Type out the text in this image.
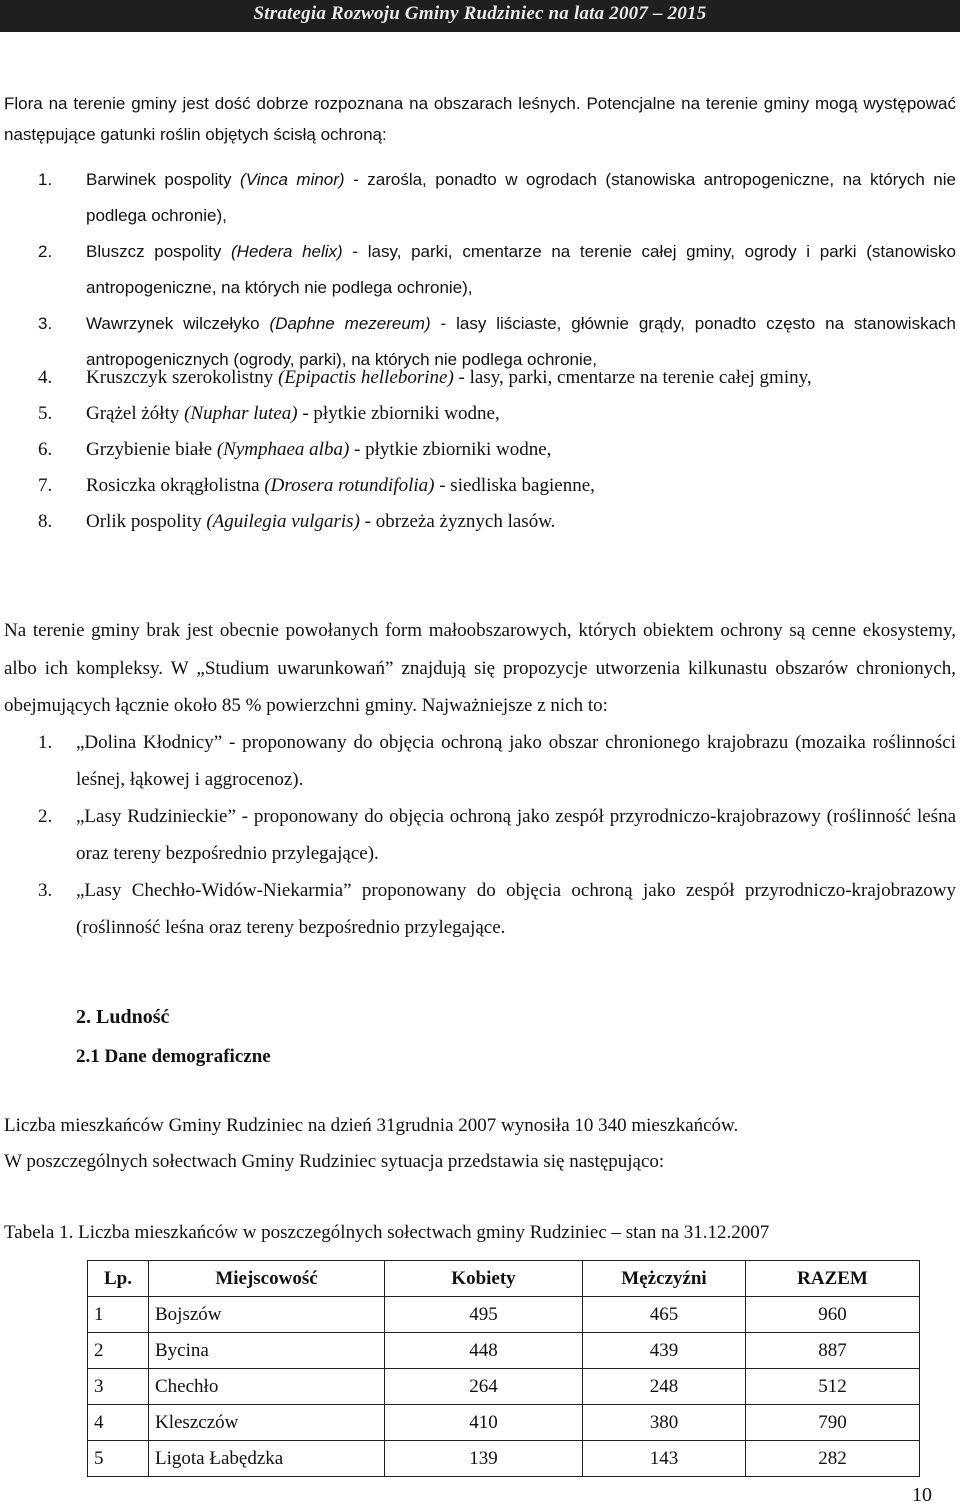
Strategia Rozwoju Gminy Rudziniec na lata 2007 – 2015

Flora na terenie gminy jest dość dobrze rozpoznana na obszarach leśnych. Potencjalne na terenie gminy mogą występować następujące gatunki roślin objętych ścisłą ochroną:

1. Barwinek pospolity (Vinca minor) - zarośla, ponadto w ogrodach (stanowiska antropogeniczne, na których nie podlega ochronie),
2. Bluszcz pospolity (Hedera helix) - lasy, parki, cmentarze na terenie całej gminy, ogrody i parki (stanowisko antropogeniczne, na których nie podlega ochronie),
3. Wawrzynek wilczełyko (Daphne mezereum) - lasy liściaste, głównie grądy, ponadto często na stanowiskach antropogenicznych (ogrody, parki), na których nie podlega ochronie,
4. Kruszczyk szerokolistny (Epipactis helleborine) - lasy, parki, cmentarze na terenie całej gminy,
5. Grążel żółty (Nuphar lutea) - płytkie zbiorniki wodne,
6. Grzybienie białe (Nymphaea alba) - płytkie zbiorniki wodne,
7. Rosiczka okrągłolistna (Drosera rotundifolia) - siedliska bagienne,
8. Orlik pospolity (Aguilegia vulgaris) - obrzeża żyznych lasów.

Na terenie gminy brak jest obecnie powołanych form małoobszarowych, których obiektem ochrony są cenne ekosystemy, albo ich kompleksy. W „Studium uwarunkowań” znajdują się propozycje utworzenia kilkunastu obszarów chronionych, obejmujących łącznie około 85 % powierzchni gminy. Najważniejsze z nich to:

1. „Dolina Kłodnicy” - proponowany do objęcia ochroną jako obszar chronionego krajobrazu (mozaika roślinności leśnej, łąkowej i aggrocenoz).
2. „Lasy Rudzinieckie” - proponowany do objęcia ochroną jako zespół przyrodniczo-krajobrazowy (roślinność leśna oraz tereny bezpośrednio przylegające).
3. „Lasy Chechło-Widów-Niekarmia” proponowany do objęcia ochroną jako zespół przyrodniczo-krajobrazowy (roślinność leśna oraz tereny bezpośrednio przylegające.
2. Ludność
2.1 Dane demograficzne
Liczba mieszkańców Gminy Rudziniec na dzień 31grudnia 2007 wynosiła 10 340 mieszkańców.
W poszczególnych sołectwach Gminy Rudziniec sytuacja przedstawia się następująco:
Tabela 1. Liczba mieszkańców w poszczególnych sołectwach gminy Rudziniec – stan na 31.12.2007
Lp.	Miejscowość	Kobiety	Mężczyźni	RAZEM
1	Bojszów	495	465	960
2	Bycina	448	439	887
3	Chechło	264	248	512
4	Kleszczów	410	380	790
5	Ligota Łabędzka	139	143	282
10
